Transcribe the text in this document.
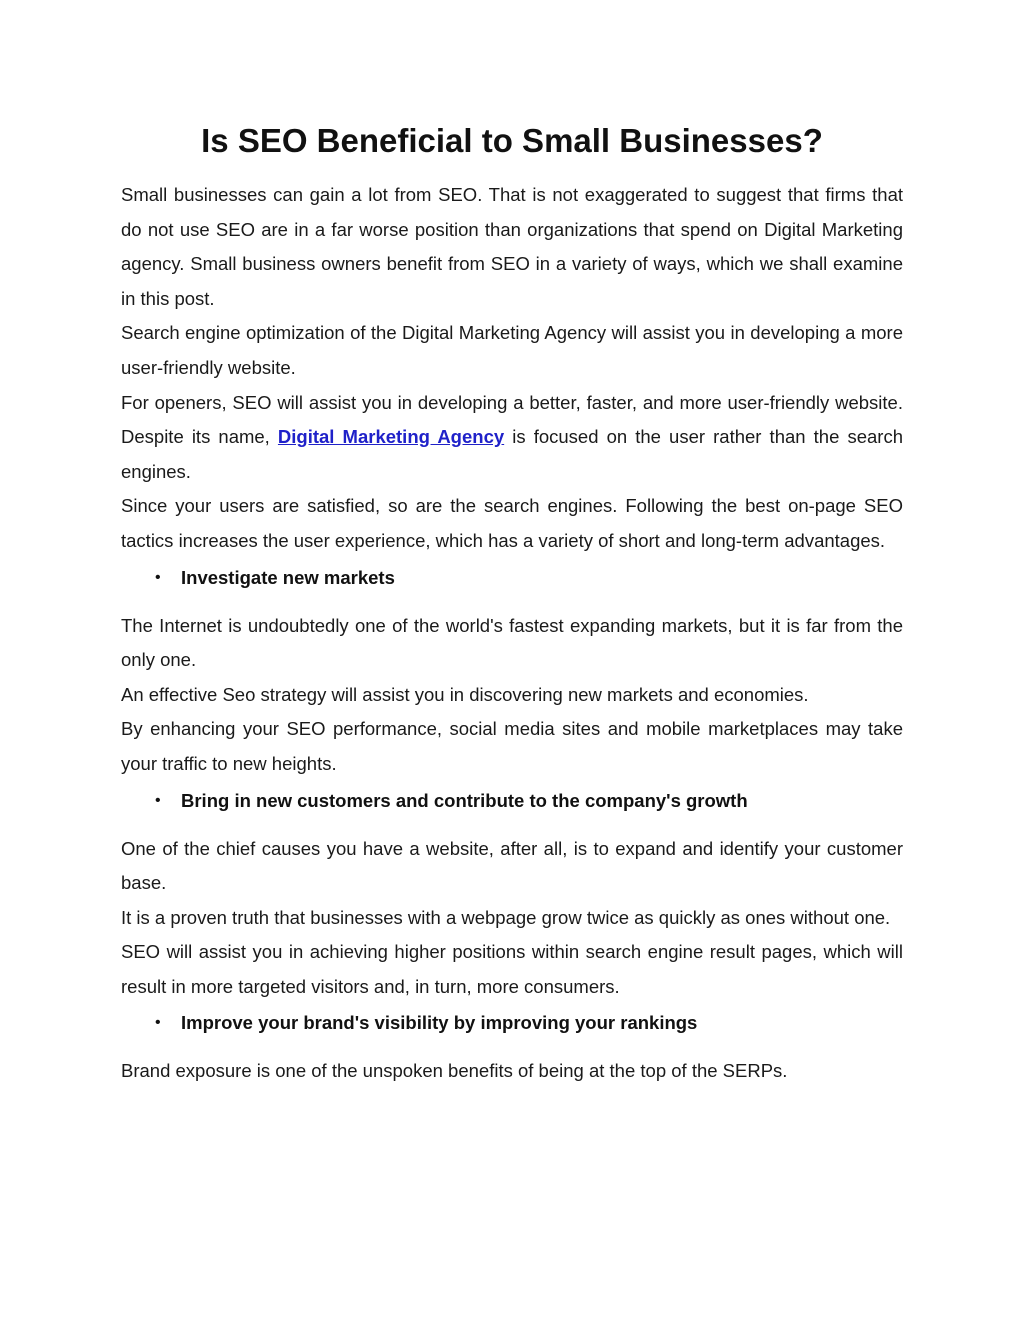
Is SEO Beneficial to Small Businesses?

Small businesses can gain a lot from SEO. That is not exaggerated to suggest that firms that do not use SEO are in a far worse position than organizations that spend on Digital Marketing agency. Small business owners benefit from SEO in a variety of ways, which we shall examine in this post.

Search engine optimization of the Digital Marketing Agency will assist you in developing a more user-friendly website.

For openers, SEO will assist you in developing a better, faster, and more user-friendly website. Despite its name, Digital Marketing Agency is focused on the user rather than the search engines.

Since your users are satisfied, so are the search engines. Following the best on-page SEO tactics increases the user experience, which has a variety of short and long-term advantages.

•	Investigate new markets

The Internet is undoubtedly one of the world's fastest expanding markets, but it is far from the only one.

An effective Seo strategy will assist you in discovering new markets and economies.

By enhancing your SEO performance, social media sites and mobile marketplaces may take your traffic to new heights.

•	Bring in new customers and contribute to the company's growth

One of the chief causes you have a website, after all, is to expand and identify your customer base.

It is a proven truth that businesses with a webpage grow twice as quickly as ones without one.

SEO will assist you in achieving higher positions within search engine result pages, which will result in more targeted visitors and, in turn, more consumers.

•	Improve your brand's visibility by improving your rankings

Brand exposure is one of the unspoken benefits of being at the top of the SERPs.
